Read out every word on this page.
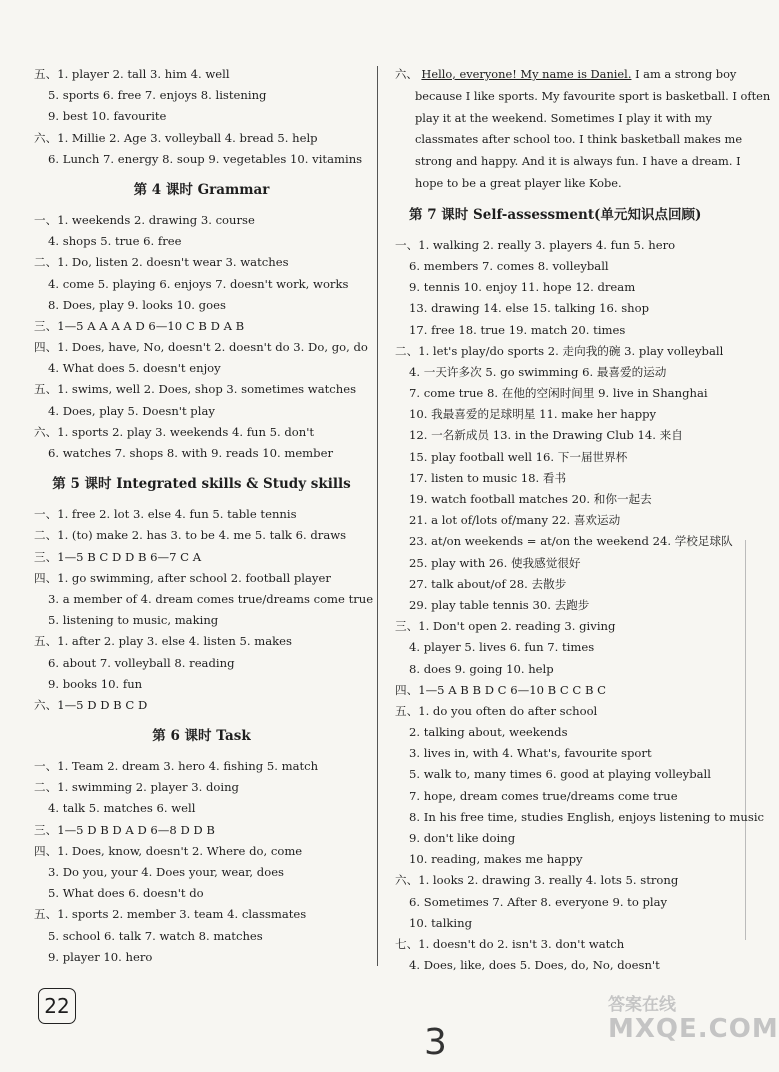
五、1. player 2. tall 3. him 4. well
5. sports 6. free 7. enjoys 8. listening
9. best 10. favourite
六、1. Millie 2. Age 3. volleyball 4. bread 5. help
6. Lunch 7. energy 8. soup 9. vegetables 10. vitamins
第 4 课时 Grammar
一、1. weekends 2. drawing 3. course
4. shops 5. true 6. free
二、1. Do, listen 2. doesn't wear 3. watches
4. come 5. playing 6. enjoys 7. doesn't work, works
8. Does, play 9. looks 10. goes
三、1—5 A A A A D 6—10 C B D A B
四、1. Does, have, No, doesn't 2. doesn't do 3. Do, go, do
4. What does 5. doesn't enjoy
五、1. swims, well 2. Does, shop 3. sometimes watches
4. Does, play 5. Doesn't play
六、1. sports 2. play 3. weekends 4. fun 5. don't
6. watches 7. shops 8. with 9. reads 10. member
第 5 课时 Integrated skills & Study skills
一、1. free 2. lot 3. else 4. fun 5. table tennis
二、1. (to) make 2. has 3. to be 4. me 5. talk 6. draws
三、1—5 B C D D B 6—7 C A
四、1. go swimming, after school 2. football player
3. a member of 4. dream comes true/dreams come true
5. listening to music, making
五、1. after 2. play 3. else 4. listen 5. makes
6. about 7. volleyball 8. reading
9. books 10. fun
六、1—5 D D B C D
第 6 课时 Task
一、1. Team 2. dream 3. hero 4. fishing 5. match
二、1. swimming 2. player 3. doing
4. talk 5. matches 6. well
三、1—5 D B D A D 6—8 D D B
四、1. Does, know, doesn't 2. Where do, come
3. Do you, your 4. Does your, wear, does
5. What does 6. doesn't do
五、1. sports 2. member 3. team 4. classmates
5. school 6. talk 7. watch 8. matches
9. player 10. hero
六、 Hello, everyone! My name is Daniel. I am a strong boy
because I like sports. My favourite sport is basketball. I often
play it at the weekend. Sometimes I play it with my
classmates after school too. I think basketball makes me
strong and happy. And it is always fun. I have a dream. I
hope to be a great player like Kobe.
第 7 课时 Self-assessment(单元知识点回顾)
一、1. walking 2. really 3. players 4. fun 5. hero
6. members 7. comes 8. volleyball
9. tennis 10. enjoy 11. hope 12. dream
13. drawing 14. else 15. talking 16. shop
17. free 18. true 19. match 20. times
二、1. let's play/do sports 2. 走向我的碗 3. play volleyball
4. 一天许多次 5. go swimming 6. 最喜爱的运动
7. come true 8. 在他的空闲时间里 9. live in Shanghai
10. 我最喜爱的足球明星 11. make her happy
12. 一名新成员 13. in the Drawing Club 14. 来自
15. play football well 16. 下一届世界杯
17. listen to music 18. 看书
19. watch football matches 20. 和你一起去
21. a lot of/lots of/many 22. 喜欢运动
23. at/on weekends = at/on the weekend 24. 学校足球队
25. play with 26. 使我感觉很好
27. talk about/of 28. 去散步
29. play table tennis 30. 去跑步
三、1. Don't open 2. reading 3. giving
4. player 5. lives 6. fun 7. times
8. does 9. going 10. help
四、1—5 A B B D C 6—10 B C C B C
五、1. do you often do after school
2. talking about, weekends
3. lives in, with 4. What's, favourite sport
5. walk to, many times 6. good at playing volleyball
7. hope, dream comes true/dreams come true
8. In his free time, studies English, enjoys listening to music
9. don't like doing
10. reading, makes me happy
六、1. looks 2. drawing 3. really 4. lots 5. strong
6. Sometimes 7. After 8. everyone 9. to play
10. talking
七、1. doesn't do 2. isn't 3. don't watch
4. Does, like, does 5. Does, do, No, doesn't
22
3
答案在线
MXQE.COM
